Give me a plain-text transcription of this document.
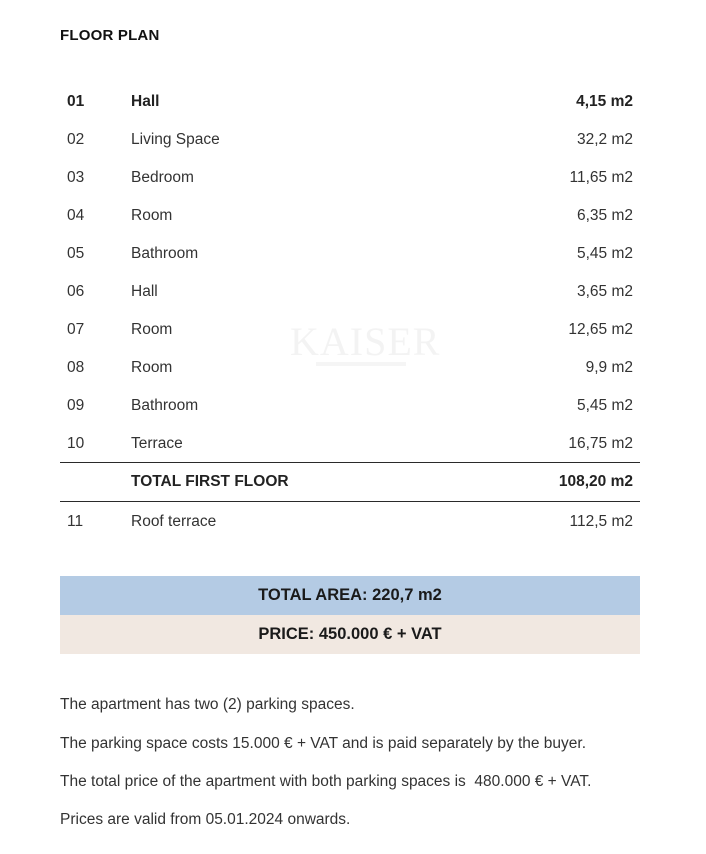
FLOOR PLAN
01	Hall	4,15 m2
02	Living Space	32,2 m2
03	Bedroom	11,65 m2
04	Room	6,35 m2
05	Bathroom	5,45 m2
06	Hall	3,65 m2
07	Room	12,65 m2
08	Room	9,9 m2
09	Bathroom	5,45 m2
10	Terrace	16,75 m2
TOTAL FIRST FLOOR	108,20 m2
11	Roof terrace	112,5 m2
KAISER
TOTAL AREA: 220,7 m2
PRICE: 450.000 € + VAT
The apartment has two (2) parking spaces.
The parking space costs 15.000 € + VAT and is paid separately by the buyer.
The total price of the apartment with both parking spaces is  480.000 € + VAT.
Prices are valid from 05.01.2024 onwards.
